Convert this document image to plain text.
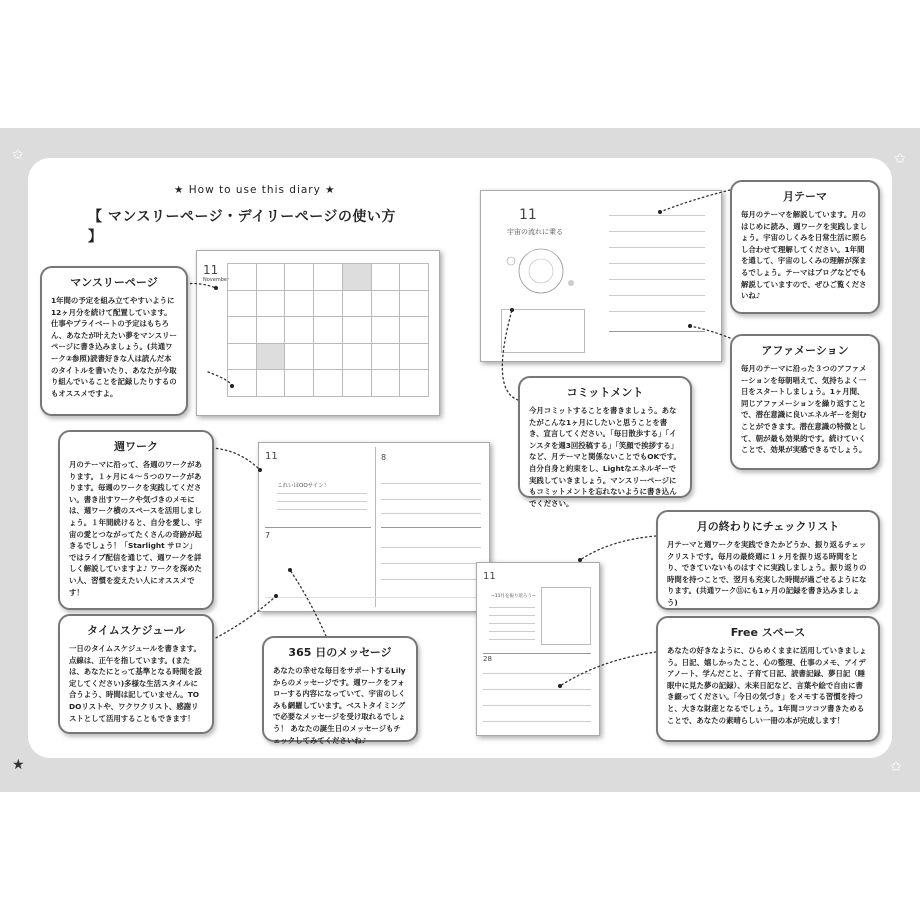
✩	✩
★	✩
★ How to use this diary ★
【 マンスリーページ・デイリーページの使い方 】
11
November
11
宇宙の流れに乗る
11
これいはOOサイン！
8
7
11
~11月を振り返ろう~
28
マンスリーページ

1年間の予定を組み立てやすいように12ヶ月分を続けて配置しています。仕事やプライベートの予定はもちろん、あなたが叶えたい夢をマンスリーページに書き込みましょう。(共通ワーク②参照)読書好きな人は読んだ本のタイトルを書いたり、あなたが今取り組んでいることを記録したりするのもオススメですよ。

週ワーク

月のテーマに沿って、各週のワークがあります。１ヶ月に４～５つのワークがあります。毎週のワークを実践してください。書き出すワークや気づきのメモには、週ワーク横のスペースを活用しましょう。１年間続けると、自分を愛し、宇宙の愛とつながってたくさんの奇跡が起きるでしょう！「Starlight サロン」ではライブ配信を通じて、週ワークを詳しく解説していますよ♪ ワークを深めたい人、習慣を変えたい人にオススメです！

タイムスケジュール

一日のタイムスケジュールを書きます。点線は、正午を指しています。(または、あなたにとって基準となる時間を設定してください)多様な生活スタイルに合うよう、時間は記していません。TO DOリストや、ワクワクリスト、感謝リストとして活用することもできます！

365 日のメッセージ

あなたの幸せな毎日をサポートするLilyからのメッセージです。週ワークをフォローする内容になっていて、宇宙のしくみも網羅しています。ベストタイミングで必要なメッセージを受け取れるでしょう！ あなたの誕生日のメッセージもチェックしてみてくださいね♪

コミットメント

今月コミットすることを書きましょう。あなたがこんな1ヶ月にしたいと思うことを書き、宣言してください。「毎日散歩する」「インスタを週3回投稿する」「笑顔で挨拶する」など、月テーマと関係ないことでもOKです。自分自身と約束をし、Lightなエネルギーで実践していきましょう。マンスリーページにもコミットメントを忘れないように書き込んでください。

月テーマ

毎月のテーマを解説しています。月のはじめに読み、週ワークを実践しましょう。宇宙のしくみを日常生活に照らし合わせて理解してください。1年間を通して、宇宙のしくみの理解が深まるでしょう。テーマはブログなどでも解説していますので、ぜひご覧くださいね♪

アファメーション

毎月のテーマに沿った３つのアファメーションを毎朝唱えて、気持ちよく一日をスタートしましょう。1ヶ月間、同じアファメーションを繰り返すことで、潜在意識に良いエネルギーを刻むことができます。潜在意識の特徴として、朝が最も効果的です。続けていくことで、効果が実感できるでしょう。

月の終わりにチェックリスト

月テーマと週ワークを実践できたかどうか、振り返るチェックリストです。毎月の最終週に１ヶ月を振り返る時間をとり、できていないものはすぐに実践しましょう。振り返りの時間を持つことで、翌月も充実した時間が過ごせるようになります。(共通ワーク⑪にも1ヶ月の記録を書き込みましょう)

Free スペース

あなたの好きなように、ひらめくままに活用していきましょう。日記、嬉しかったこと、心の整理、仕事のメモ、アイデアノート、学んだこと、子育て日記、読書記録、夢日記（睡眠中に見た夢の記録）、未来日記など、言葉や絵で自由に書き綴ってください。「今日の気づき」をメモする習慣を持つと、大きな財産となるでしょう。1年間コツコツ書きためることで、あなたの素晴らしい一冊の本が完成します！
